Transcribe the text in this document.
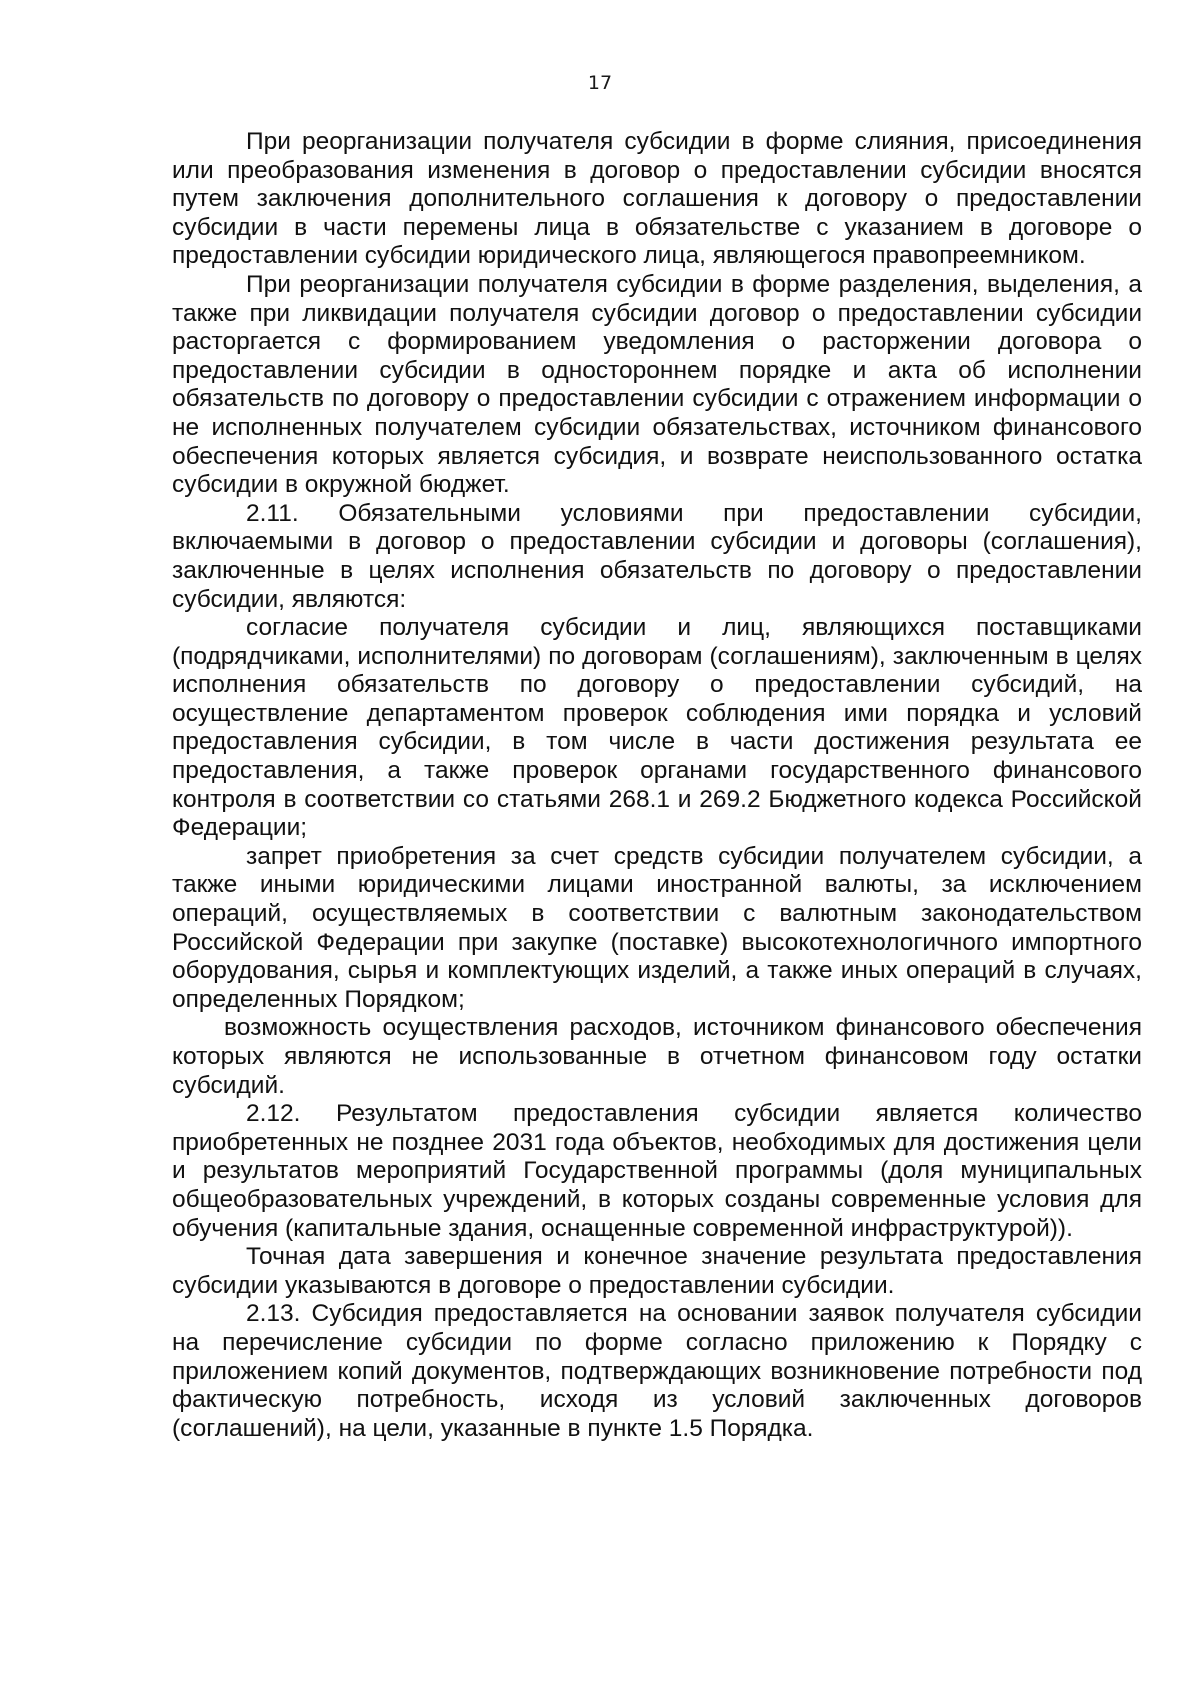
17

При реорганизации получателя субсидии в форме слияния, присоединения или преобразования изменения в договор о предоставлении субсидии вносятся путем заключения дополнительного соглашения к договору о предоставлении субсидии в части перемены лица в обязательстве с указанием в договоре о предоставлении субсидии юридического лица, являющегося правопреемником.

При реорганизации получателя субсидии в форме разделения, выделения, а также при ликвидации получателя субсидии договор о предоставлении субсидии расторгается с формированием уведомления о расторжении договора о предоставлении субсидии в одностороннем порядке и акта об исполнении обязательств по договору о предоставлении субсидии с отражением информации о не исполненных получателем субсидии обязательствах, источником финансового обеспечения которых является субсидия, и возврате неиспользованного остатка субсидии в окружной бюджет.

2.11. Обязательными условиями при предоставлении субсидии, включаемыми в договор о предоставлении субсидии и договоры (соглашения), заключенные в целях исполнения обязательств по договору о предоставлении субсидии, являются:

согласие получателя субсидии и лиц, являющихся поставщиками (подрядчиками, исполнителями) по договорам (соглашениям), заключенным в целях исполнения обязательств по договору о предоставлении субсидий, на осуществление департаментом проверок соблюдения ими порядка и условий предоставления субсидии, в том числе в части достижения результата ее предоставления, а также проверок органами государственного финансового контроля в соответствии со статьями 268.1 и 269.2 Бюджетного кодекса Российской Федерации;

запрет приобретения за счет средств субсидии получателем субсидии, а также иными юридическими лицами иностранной валюты, за исключением операций, осуществляемых в соответствии с валютным законодательством Российской Федерации при закупке (поставке) высокотехнологичного импортного оборудования, сырья и комплектующих изделий, а также иных операций в случаях, определенных Порядком;

возможность осуществления расходов, источником финансового обеспечения которых являются не использованные в отчетном финансовом году остатки субсидий.

2.12. Результатом предоставления субсидии является количество приобретенных не позднее 2031 года объектов, необходимых для достижения цели и результатов мероприятий Государственной программы (доля муниципальных общеобразовательных учреждений, в которых созданы современные условия для обучения (капитальные здания, оснащенные современной инфраструктурой)).

Точная дата завершения и конечное значение результата предоставления субсидии указываются в договоре о предоставлении субсидии.

2.13. Субсидия предоставляется на основании заявок получателя субсидии на перечисление субсидии по форме согласно приложению к Порядку с приложением копий документов, подтверждающих возникновение потребности под фактическую потребность, исходя из условий заключенных договоров (соглашений), на цели, указанные в пункте 1.5 Порядка.
